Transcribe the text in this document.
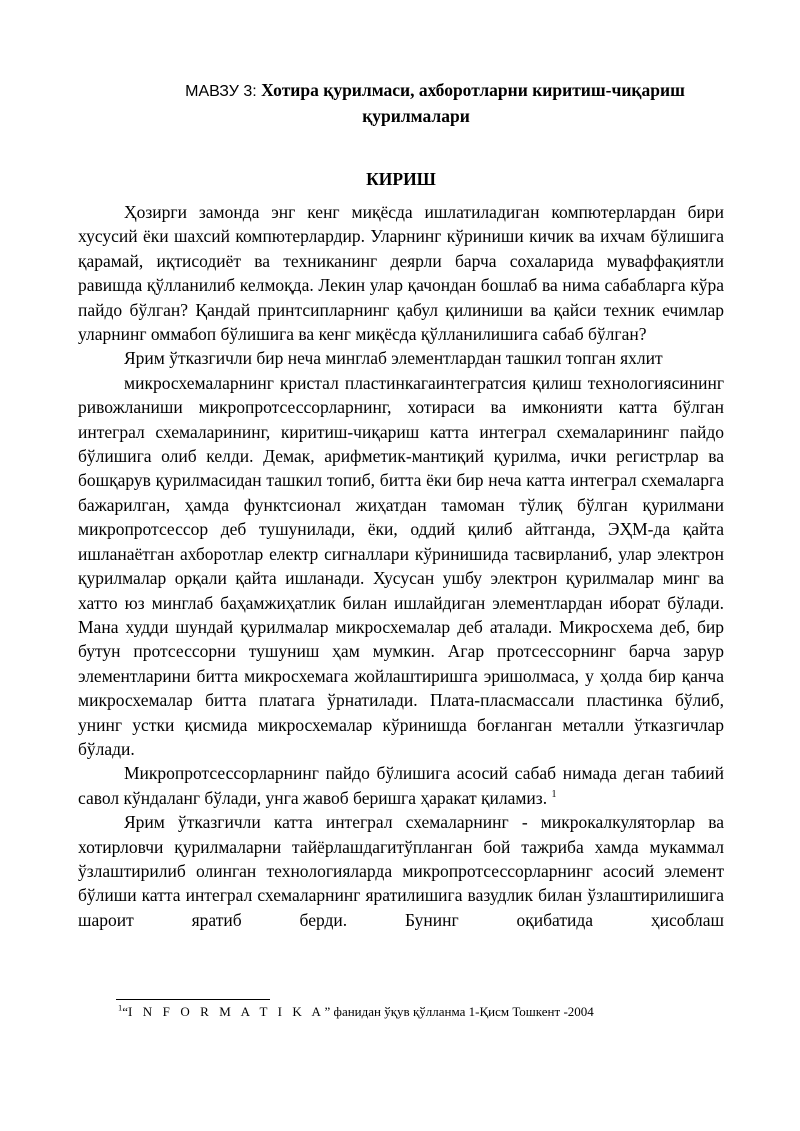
МАВЗУ 3: Хотира қурилмаси, ахборотларни киритиш-чиқариш
қурилмалари
КИРИШ

Ҳозирги замонда энг кенг миқёсда ишлатиладиган компютерлардан бири хусусий ёки шахсий компютерлардир. Уларнинг кўриниши кичик ва ихчам бўлишига қарамай, иқтисодиёт ва техниканинг деярли барча сохаларида муваффақиятли равишда қўлланилиб келмоқда. Лекин улар қачондан бошлаб ва нима сабабларга кўра пайдо бўлган? Қандай принтсипларнинг қабул қилиниши ва қайси техник ечимлар уларнинг оммабоп бўлишига ва кенг миқёсда қўлланилишига сабаб бўлган?

Ярим ўтказгичли бир неча минглаб элементлардан ташкил топган яхлит

микросхемаларнинг кристал пластинкагаинтегратсия қилиш технологиясининг ривожланиши микропротсессорларнинг, хотираси ва имконияти катта бўлган интеграл схемаларининг, киритиш-чиқариш катта интеграл схемаларининг пайдо бўлишига олиб келди. Демак, арифметик-мантиқий қурилма, ички регистрлар ва бошқарув қурилмасидан ташкил топиб, битта ёки бир неча катта интеграл схемаларга бажарилган, ҳамда функтсионал жиҳатдан тамоман тўлиқ бўлган қурилмани микропротсессор деб тушунилади, ёки, оддий қилиб айтганда, ЭҲМ-да қайта ишланаётган ахборотлар електр сигналлари кўринишида тасвирланиб, улар электрон қурилмалар орқали қайта ишланади. Хусусан ушбу электрон қурилмалар минг ва хатто юз минглаб баҳамжиҳатлик билан ишлайдиган элементлардан иборат бўлади. Мана худди шундай қурилмалар микросхемалар деб аталади. Микросхема деб, бир бутун протсессорни тушуниш ҳам мумкин. Агар протсессорнинг барча зарур элементларини битта микросхемага жойлаштиришга эришолмаса, у ҳолда бир қанча микросхемалар битта платага ўрнатилади. Плата-пласмассали пластинка бўлиб, унинг устки қисмида микросхемалар кўринишда боғланган металли ўтказгичлар бўлади.

Микропротсессорларнинг пайдо бўлишига асосий сабаб нимада деган табиий савол кўндаланг бўлади, унга жавоб беришга ҳаракат қиламиз. $^1$

Ярим ўтказгичли катта интеграл схемаларнинг - микрокалкуляторлар ва хотирловчи қурилмаларни тайёрлашдагитўпланган бой тажриба хамда мукаммал ўзлаштирилиб олинган технологияларда микропротсессорларнинг асосий элемент бўлиши катта интеграл схемаларнинг яратилишига вазудлик билан ўзлаштирилишига шароит яратиб берди. Бунинг оқибатида ҳисоблаш

$^1$“I N F O R M A T I K A” фанидан ўқув қўлланма 1-Қисм Тошкент -2004
